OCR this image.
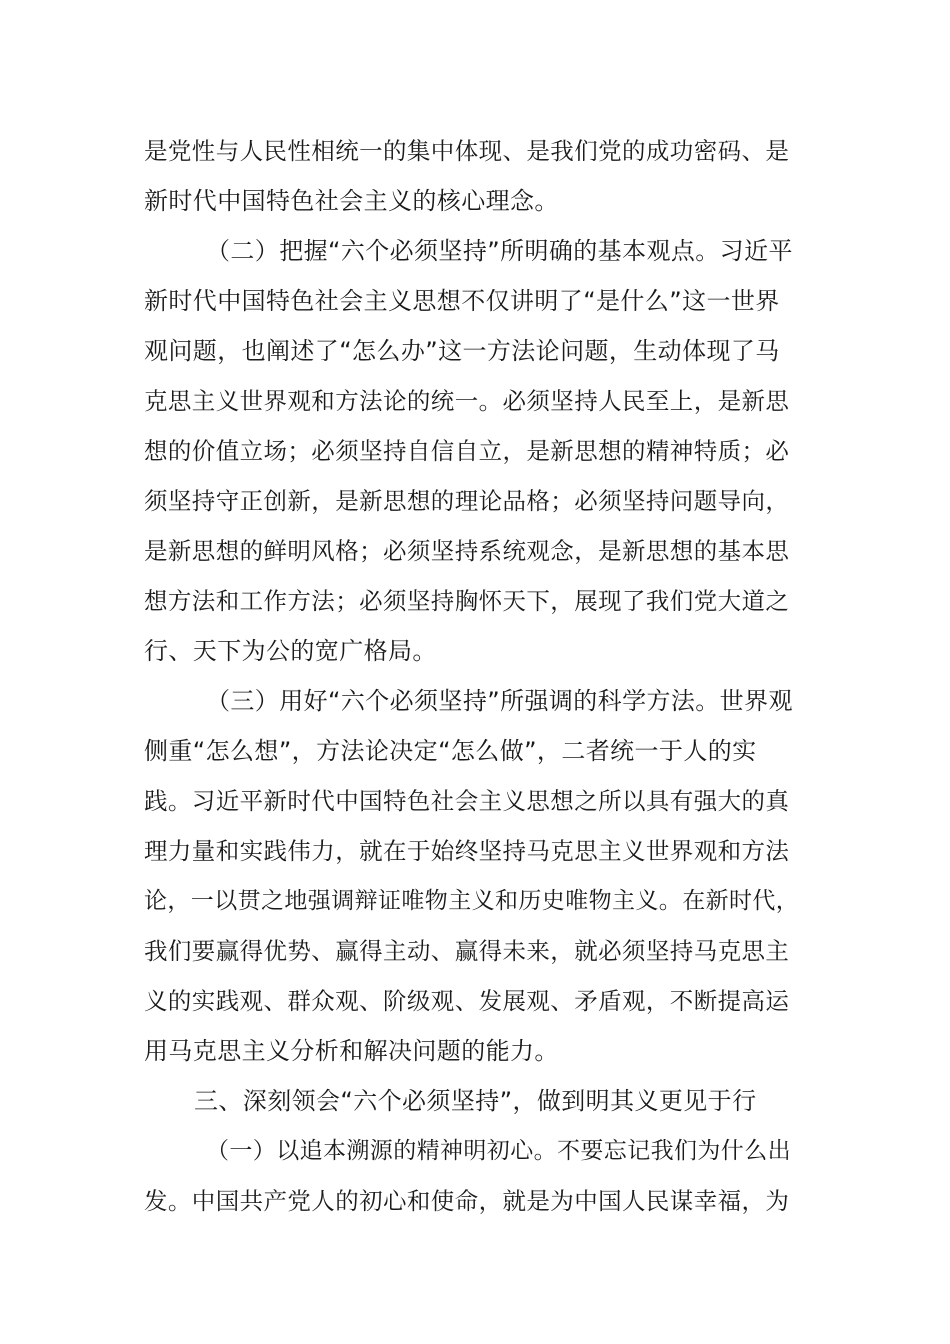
是党性与人民性相统一的集中体现、是我们党的成功密码、是
新时代中国特色社会主义的核心理念。
（二）把握“六个必须坚持”所明确的基本观点。习近平
新时代中国特色社会主义思想不仅讲明了“是什么”这一世界
观问题，也阐述了“怎么办”这一方法论问题，生动体现了马
克思主义世界观和方法论的统一。必须坚持人民至上，是新思
想的价值立场；必须坚持自信自立，是新思想的精神特质；必
须坚持守正创新，是新思想的理论品格；必须坚持问题导向，
是新思想的鲜明风格；必须坚持系统观念，是新思想的基本思
想方法和工作方法；必须坚持胸怀天下，展现了我们党大道之
行、天下为公的宽广格局。
（三）用好“六个必须坚持”所强调的科学方法。世界观
侧重“怎么想”，方法论决定“怎么做”，二者统一于人的实
践。习近平新时代中国特色社会主义思想之所以具有强大的真
理力量和实践伟力，就在于始终坚持马克思主义世界观和方法
论，一以贯之地强调辩证唯物主义和历史唯物主义。在新时代，
我们要赢得优势、赢得主动、赢得未来，就必须坚持马克思主
义的实践观、群众观、阶级观、发展观、矛盾观，不断提高运
用马克思主义分析和解决问题的能力。
三、深刻领会“六个必须坚持”，做到明其义更见于行
（一）以追本溯源的精神明初心。不要忘记我们为什么出
发。中国共产党人的初心和使命，就是为中国人民谋幸福，为
